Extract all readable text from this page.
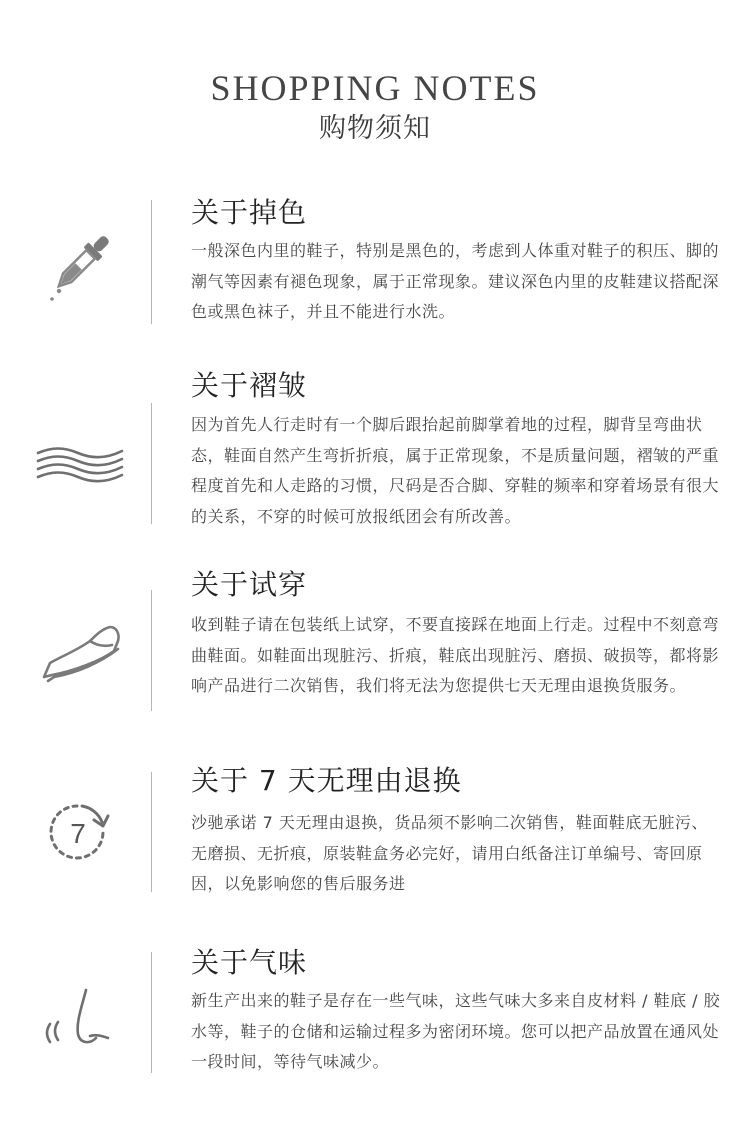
SHOPPING NOTES
购物须知
关于掉色
一般深色内里的鞋子，特别是黑色的，考虑到人体重对鞋子的积压、脚的潮气等因素有褪色现象，属于正常现象。建议深色内里的皮鞋建议搭配深色或黑色袜子，并且不能进行水洗。
关于褶皱
因为首先人行走时有一个脚后跟抬起前脚掌着地的过程，脚背呈弯曲状态，鞋面自然产生弯折折痕，属于正常现象，不是质量问题，褶皱的严重程度首先和人走路的习惯，尺码是否合脚、穿鞋的频率和穿着场景有很大的关系，不穿的时候可放报纸团会有所改善。
关于试穿
收到鞋子请在包装纸上试穿，不要直接踩在地面上行走。过程中不刻意弯曲鞋面。如鞋面出现脏污、折痕，鞋底出现脏污、磨损、破损等，都将影响产品进行二次销售，我们将无法为您提供七天无理由退换货服务。
7
关于 7 天无理由退换
沙驰承诺 7 天无理由退换，货品须不影响二次销售，鞋面鞋底无脏污、无磨损、无折痕，原装鞋盒务必完好，请用白纸备注订单编号、寄回原因，以免影响您的售后服务进
关于气味
新生产出来的鞋子是存在一些气味，这些气味大多来自皮材料 / 鞋底 / 胶水等，鞋子的仓储和运输过程多为密闭环境。您可以把产品放置在通风处一段时间，等待气味减少。
